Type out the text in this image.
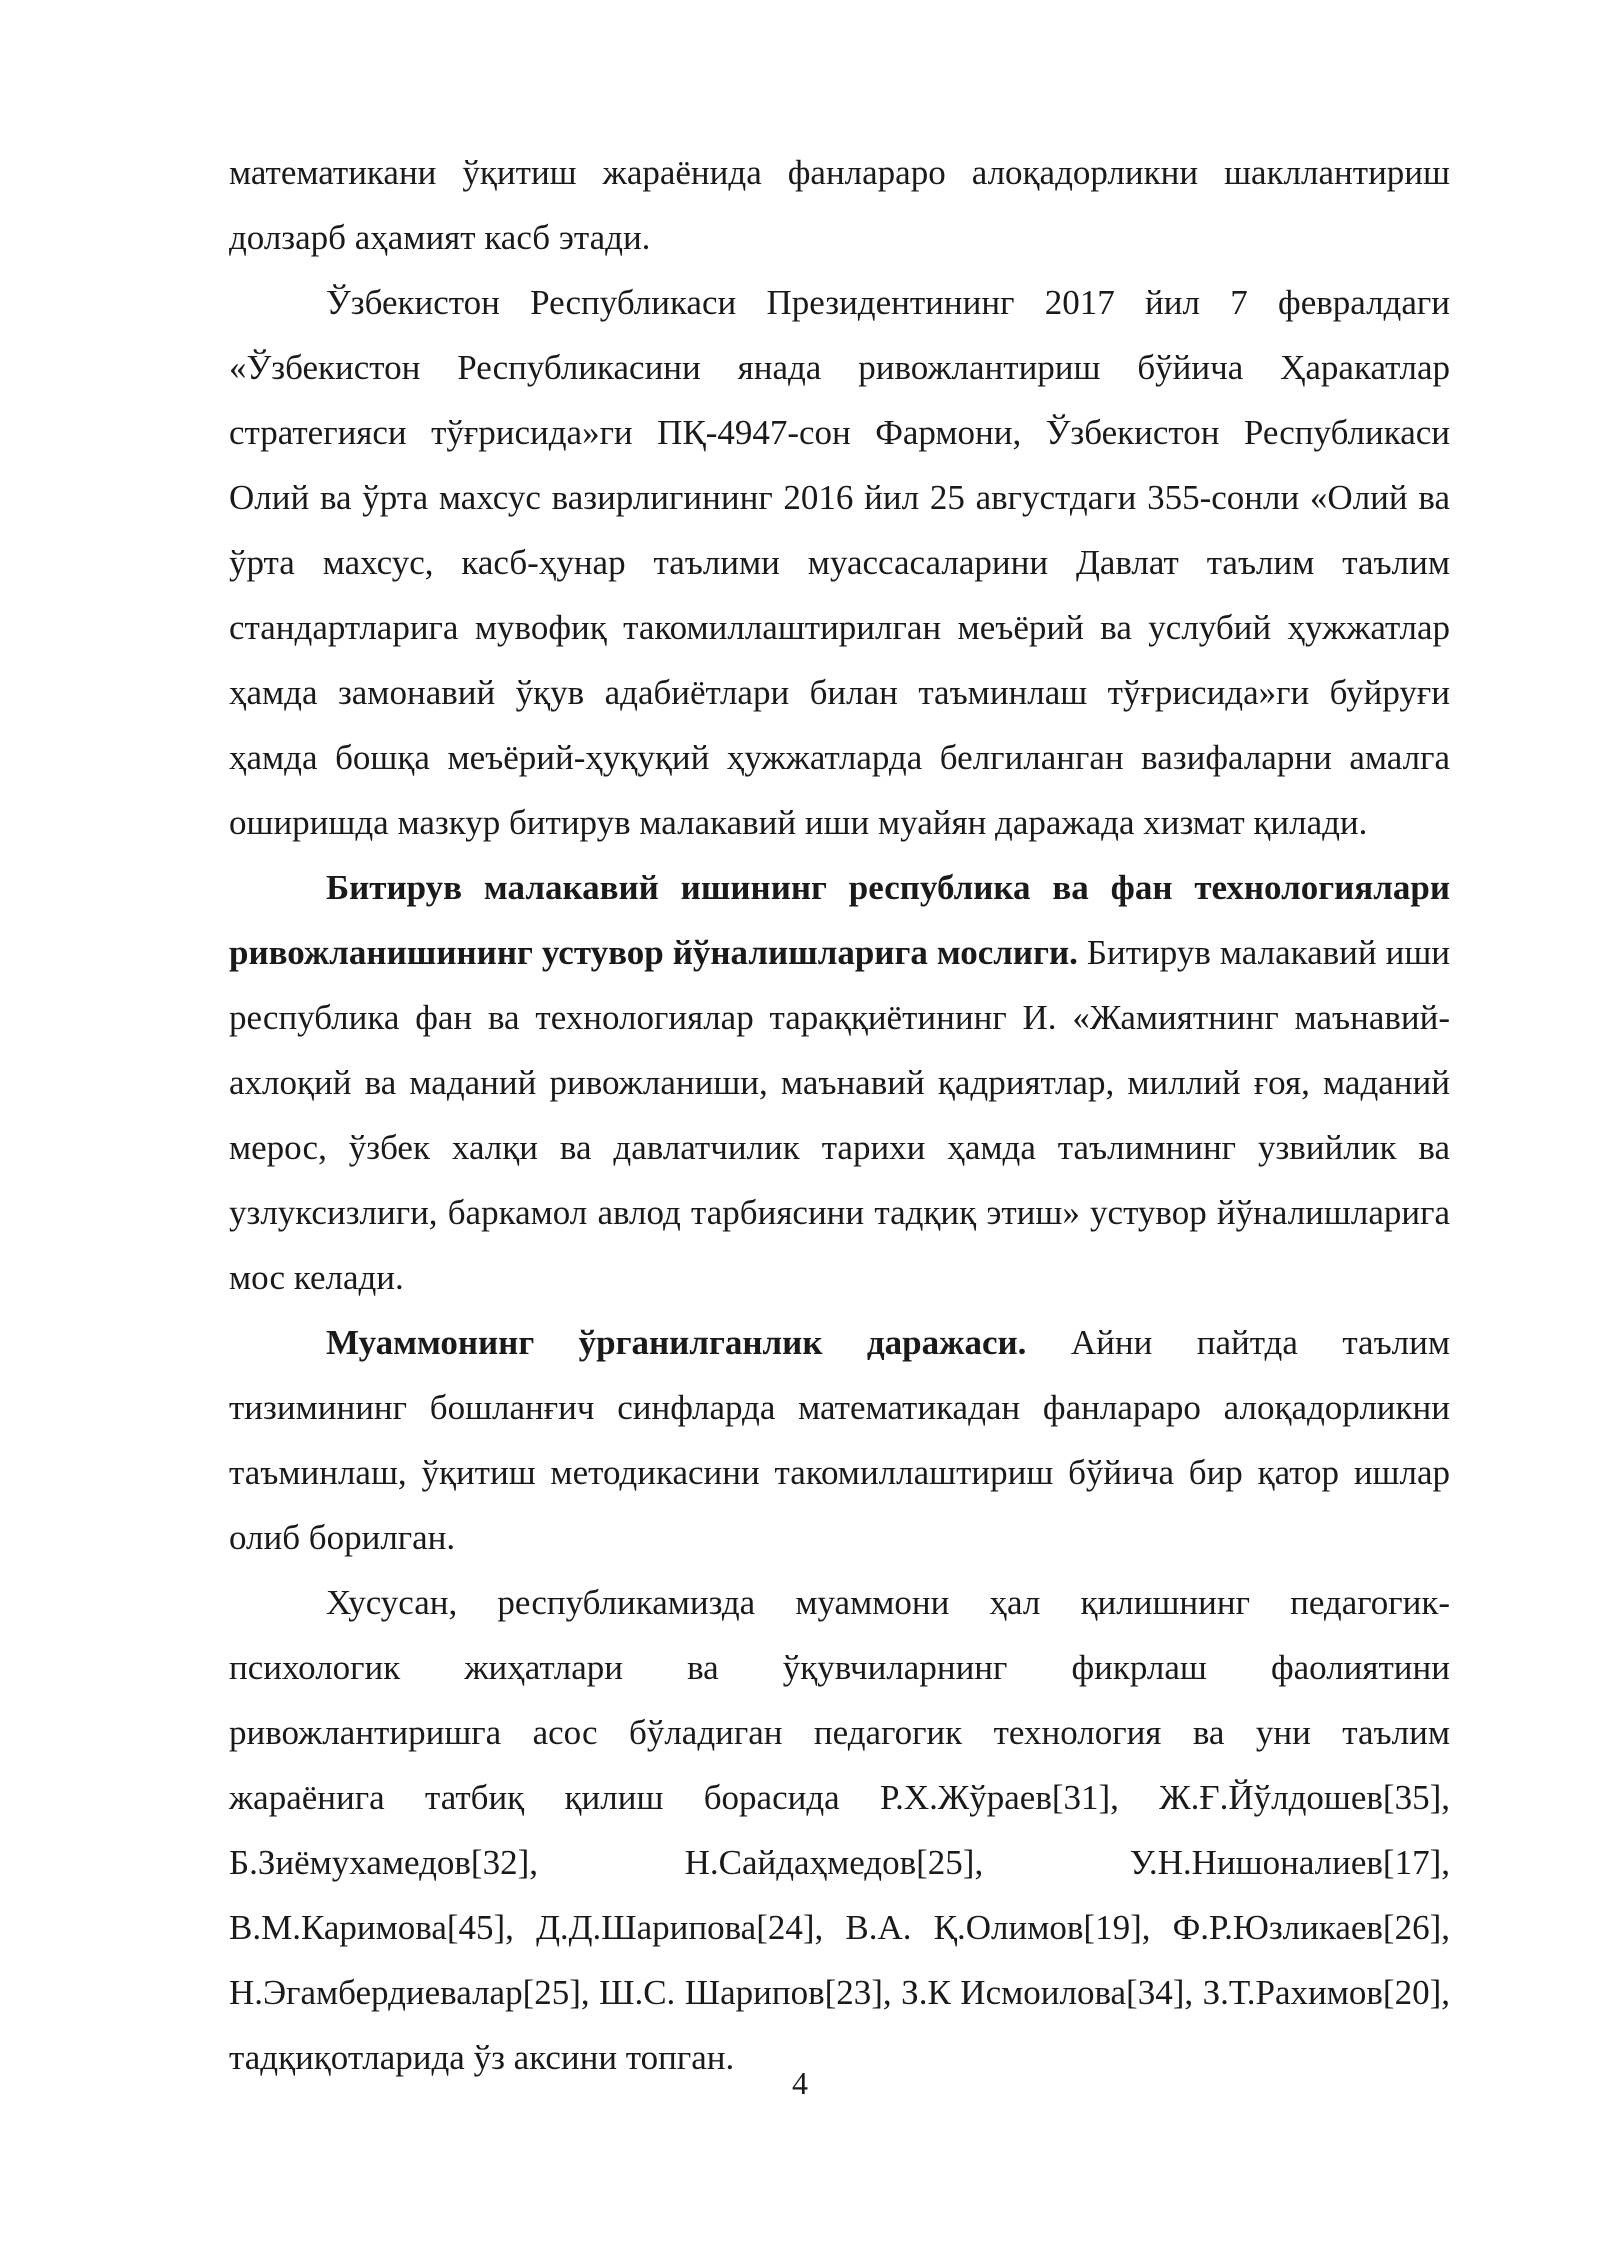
математикани ўқитиш жараёнида фанлараро алоқадорликни шакллантириш долзарб аҳамият касб этади.

Ўзбекистон Республикаси Президентининг 2017 йил 7 февралдаги «Ўзбекистон Республикасини янада ривожлантириш бўйича Ҳаракатлар стратегияси тўғрисида»ги ПҚ-4947-сон Фармони, Ўзбекистон Республикаси Олий ва ўрта махсус вазирлигининг 2016 йил 25 августдаги 355-сонли «Олий ва ўрта махсус, касб-ҳунар таълими муассасаларини Давлат таълим таълим стандартларига мувофиқ такомиллаштирилган меъёрий ва услубий ҳужжатлар ҳамда замонавий ўқув адабиётлари билан таъминлаш тўғрисида»ги буйруғи ҳамда бошқа меъёрий-ҳуқуқий ҳужжатларда белгиланган вазифаларни амалга оширишда мазкур битирув малакавий иши муайян даражада хизмат қилади.

Битирув малакавий ишининг республика ва фан технологиялари ривожланишининг устувор йўналишларига мослиги. Битирув малакавий иши республика фан ва технологиялар тараққиётининг И. «Жамиятнинг маънавий-ахлоқий ва маданий ривожланиши, маънавий қадриятлар, миллий ғоя, маданий мерос, ўзбек халқи ва давлатчилик тарихи ҳамда таълимнинг узвийлик ва узлуксизлиги, баркамол авлод тарбиясини тадқиқ этиш» устувор йўналишларига мос келади.

Муаммонинг ўрганилганлик даражаси. Айни пайтда таълим тизимининг бошланғич синфларда математикадан фанлараро алоқадорликни таъминлаш, ўқитиш методикасини такомиллаштириш бўйича бир қатор ишлар олиб борилган.

Хусусан, республикамизда муаммони ҳал қилишнинг педагогик-психологик жиҳатлари ва ўқувчиларнинг фикрлаш фаолиятини ривожлантиришга асос бўладиган педагогик технология ва уни таълим жараёнига татбиқ қилиш борасида Р.Х.Жўраев[31], Ж.Ғ.Йўлдошев[35], Б.Зиёмухамедов[32], Н.Сайдаҳмедов[25], У.Н.Нишоналиев[17], В.М.Каримова[45], Д.Д.Шарипова[24], В.А. Қ.Олимов[19], Ф.Р.Юзликаев[26], Н.Эгамбердиевалар[25], Ш.С. Шарипов[23], З.К Исмоилова[34], З.Т.Рахимов[20], тадқиқотларида ўз аксини топган.

4
